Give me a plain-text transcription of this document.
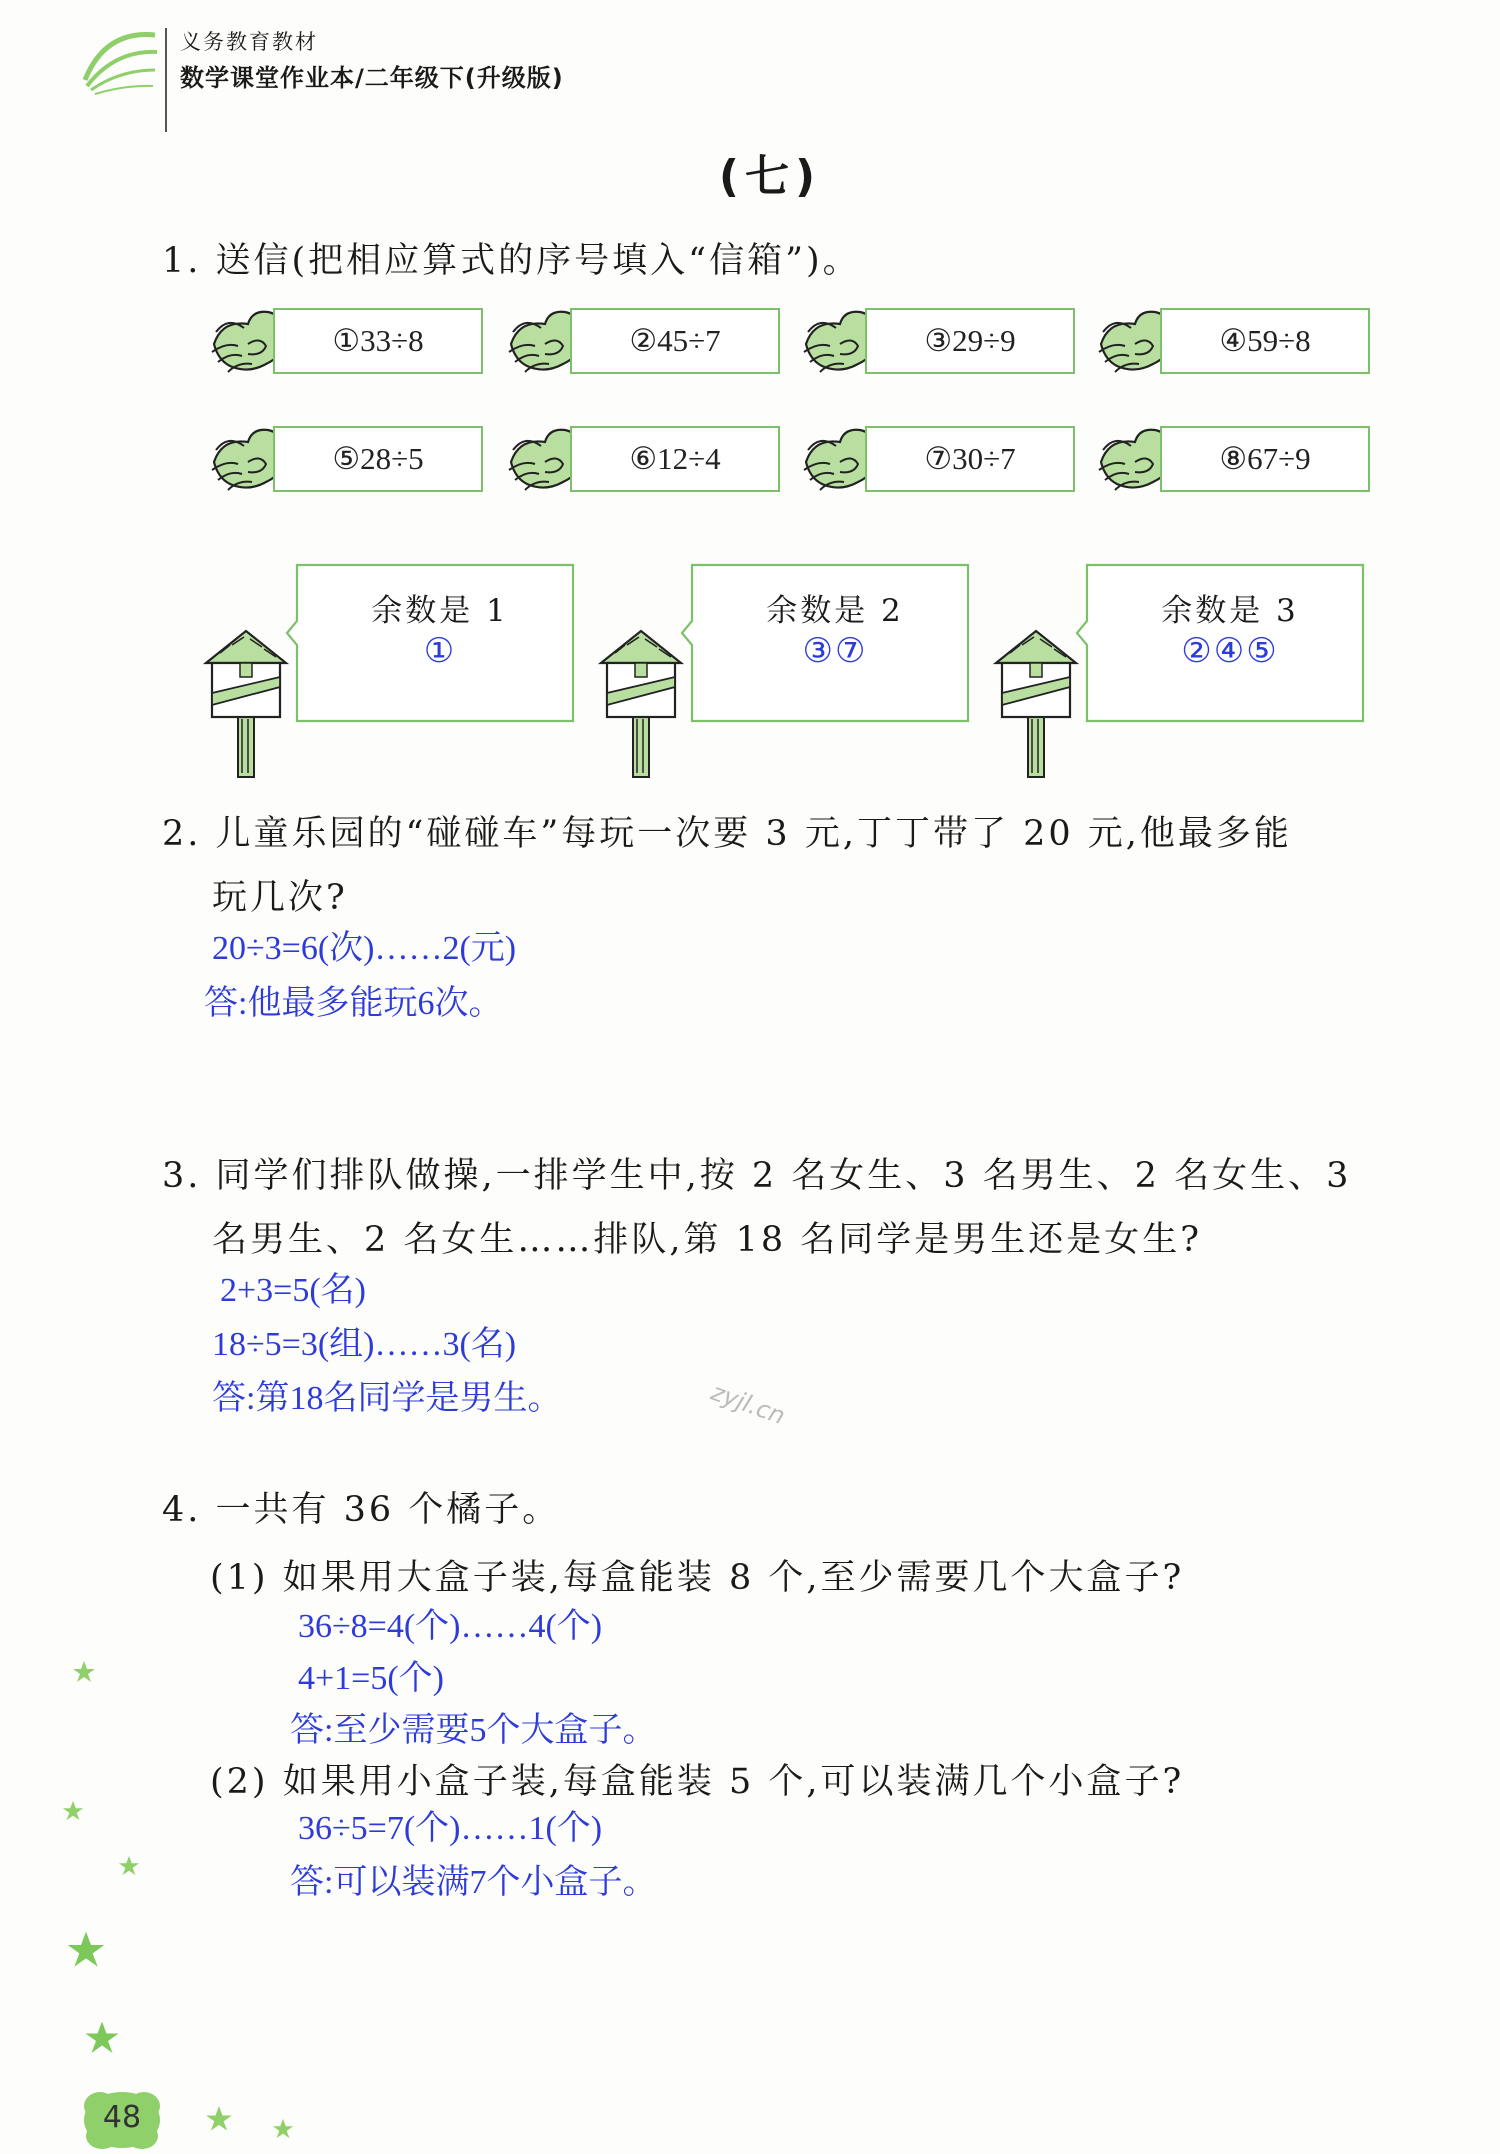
义务教育教材
数学课堂作业本/二年级下(升级版)
(七)
1. 送信(把相应算式的序号填入“信箱”)。
①33÷8	②45÷7	③29÷9	④59÷8
⑤28÷5	⑥12÷4	⑦30÷7	⑧67÷9
余数是 1
①
余数是 2
③⑦
余数是 3
②④⑤
2. 儿童乐园的“碰碰车”每玩一次要 3 元,丁丁带了 20 元,他最多能
玩几次?
20÷3=6(次)……2(元)
答:他最多能玩6次。
3. 同学们排队做操,一排学生中,按 2 名女生、3 名男生、2 名女生、3
名男生、2 名女生……排队,第 18 名同学是男生还是女生?
2+3=5(名)
18÷5=3(组)……3(名)
答:第18名同学是男生。
4. 一共有 36 个橘子。
(1) 如果用大盒子装,每盒能装 8 个,至少需要几个大盒子?
36÷8=4(个)……4(个)
4+1=5(个)
答:至少需要5个大盒子。
(2) 如果用小盒子装,每盒能装 5 个,可以装满几个小盒子?
36÷5=7(个)……1(个)
答:可以装满7个小盒子。
zyjl.cn
48
